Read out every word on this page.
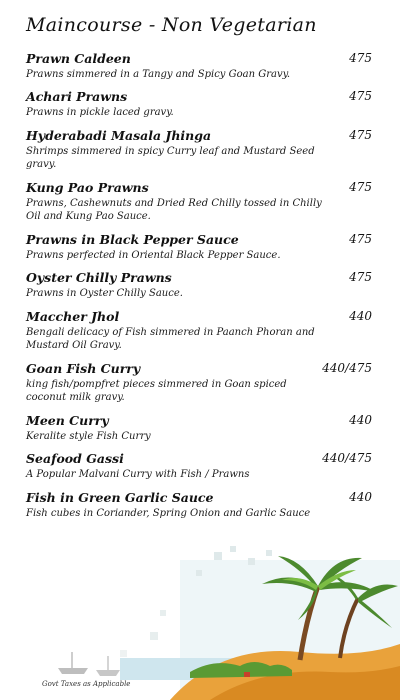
Maincourse - Non Vegetarian
Prawn Caldeen	475
Prawns simmered in a Tangy and Spicy Goan Gravy.
Achari Prawns	475
Prawns in pickle laced gravy.
Hyderabadi Masala Jhinga	475
Shrimps simmered in spicy Curry leaf and Mustard Seed gravy.
Kung Pao Prawns	475
Prawns, Cashewnuts and Dried Red Chilly tossed in Chilly Oil and Kung Pao Sauce.
Prawns in Black Pepper Sauce	475
Prawns perfected in Oriental Black Pepper Sauce.
Oyster Chilly Prawns	475
Prawns in Oyster Chilly Sauce.
Maccher Jhol	440
Bengali delicacy of Fish simmered in Paanch Phoran and Mustard Oil Gravy.
Goan Fish Curry	440/475
king fish/pompfret pieces simmered in Goan spiced coconut milk gravy.
Meen Curry	440
Keralite style Fish Curry
Seafood Gassi	440/475
A Popular Malvani Curry with Fish / Prawns
Fish in Green Garlic Sauce	440
Fish cubes in Coriander, Spring Onion and Garlic Sauce
Govt Taxes as Applicable
